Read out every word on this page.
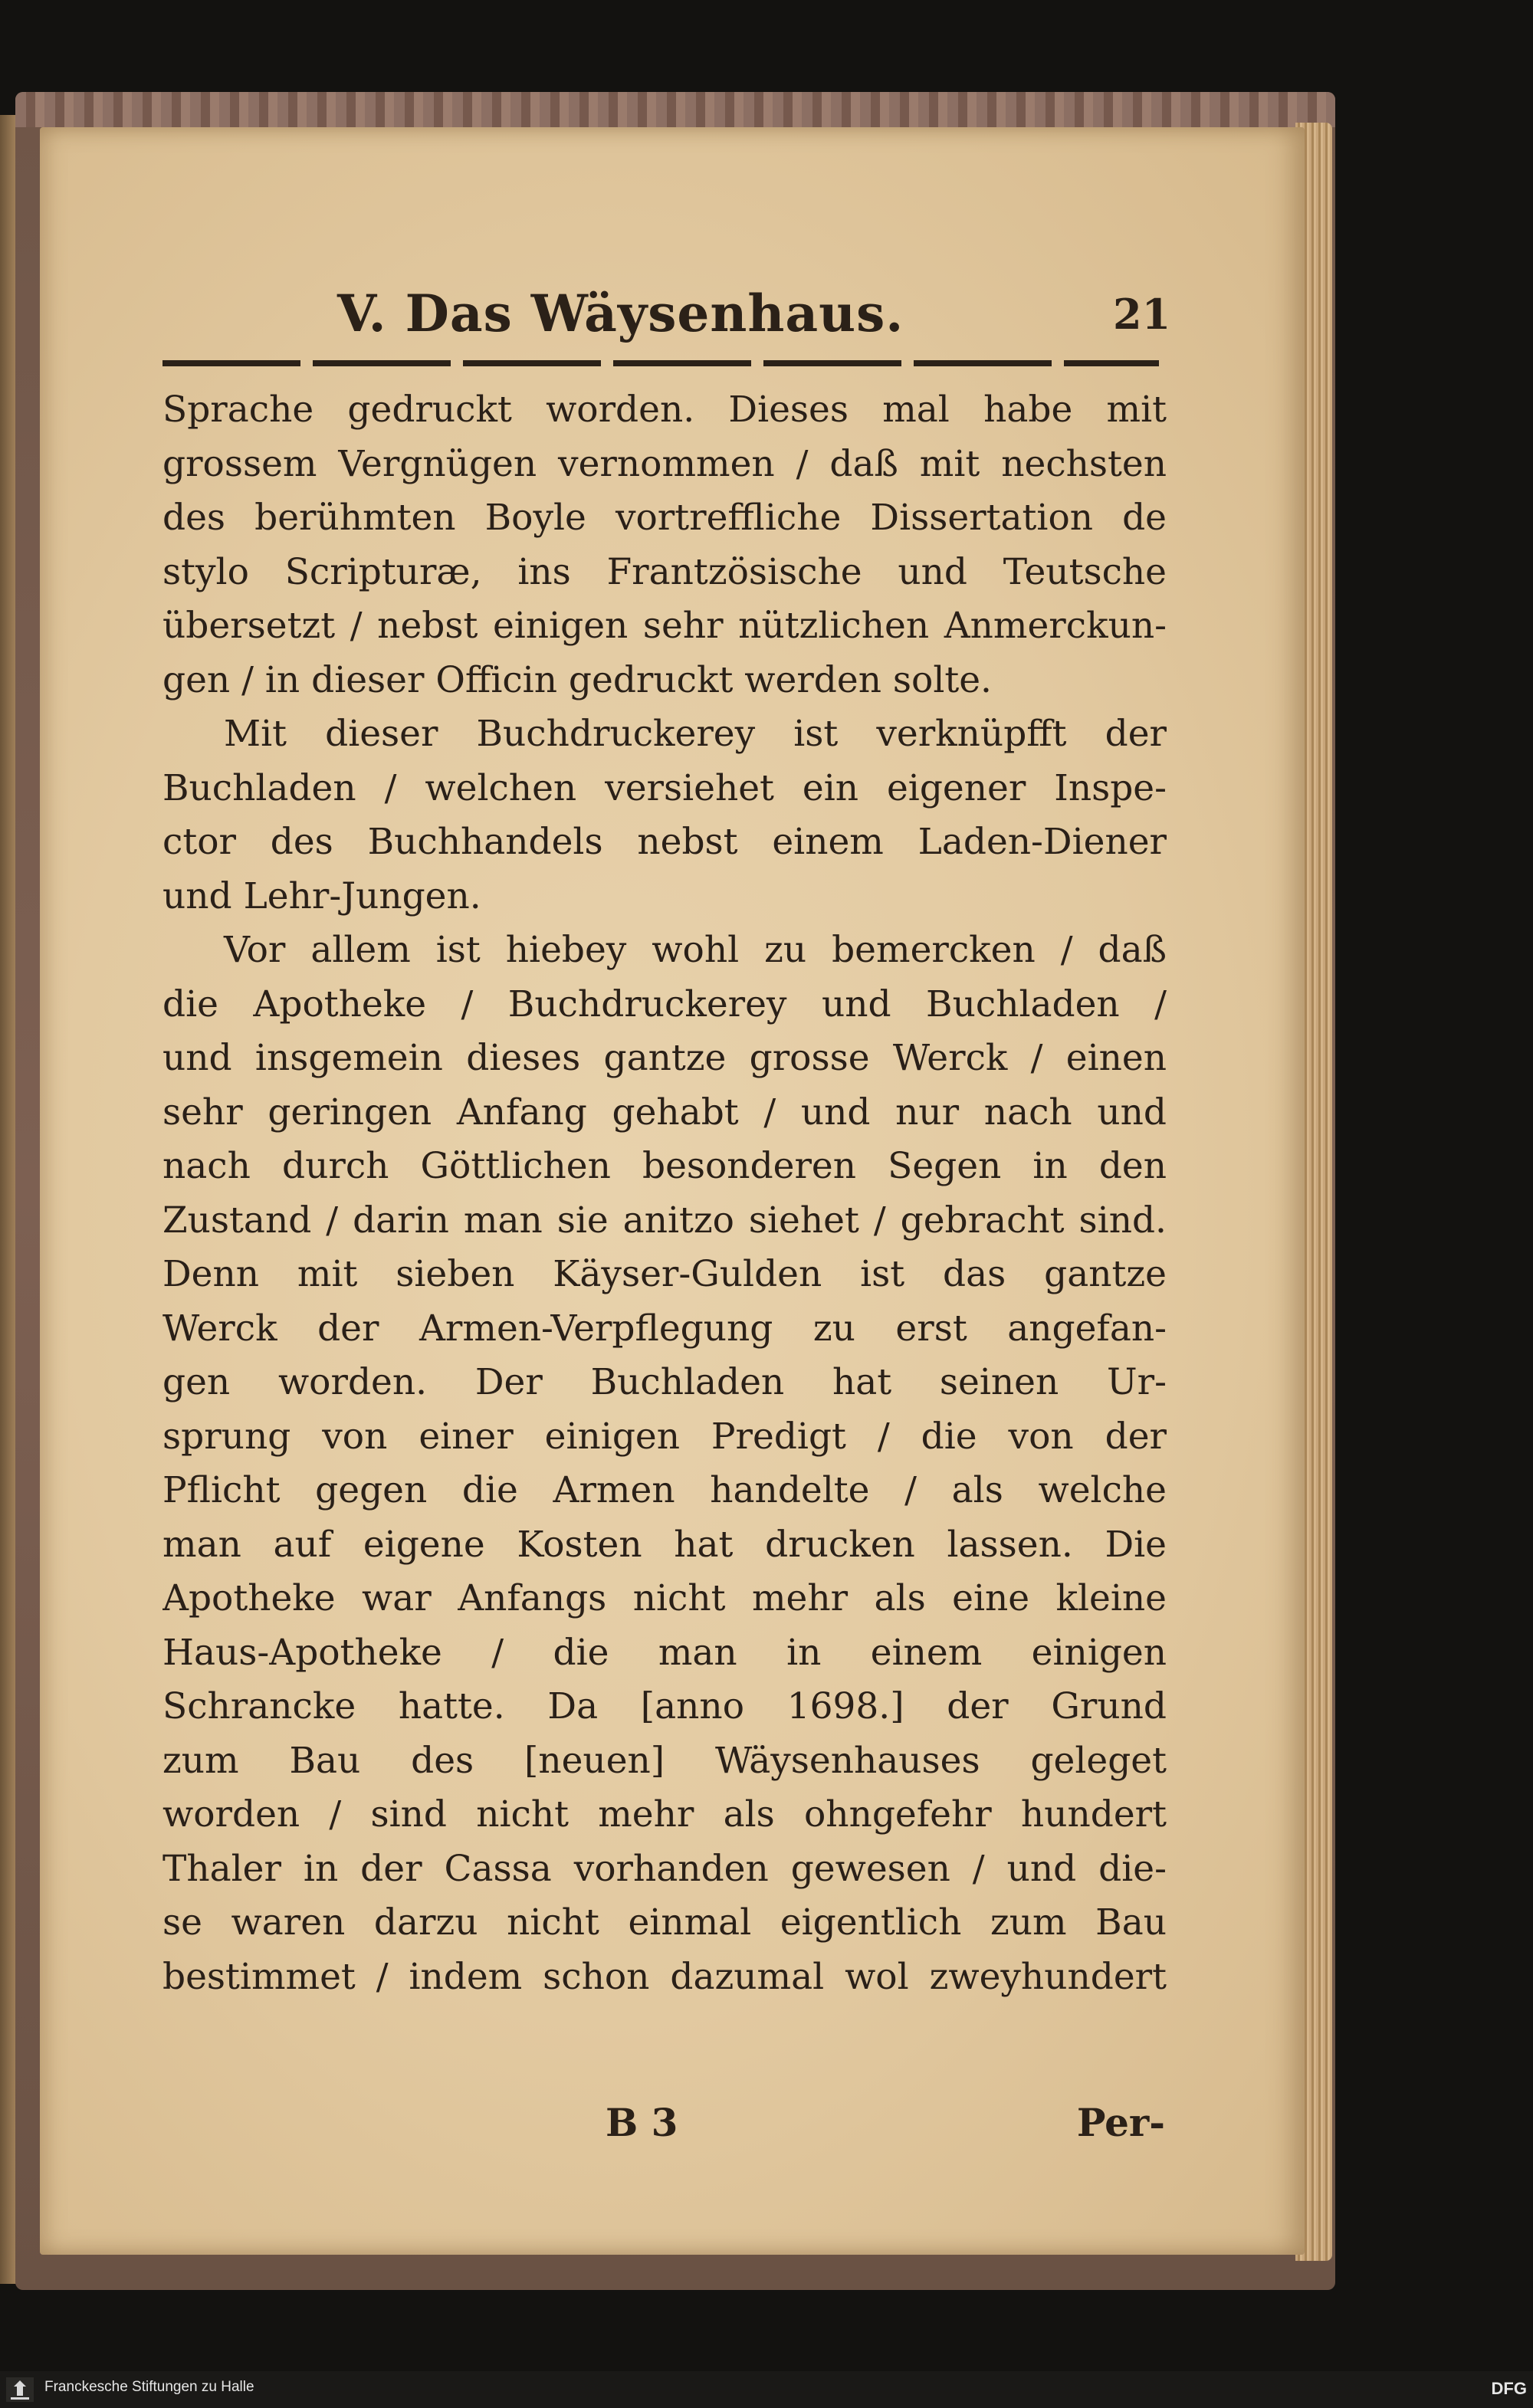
V. Das Wäysenhaus.	21
Sprache gedruckt worden. Dieses mal habe mit
grossem Vergnügen vernommen / daß mit nechsten
des berühmten Boyle vortreffliche Dissertation de
stylo Scripturæ, ins Frantzösische und Teutsche
übersetzt / nebst einigen sehr nützlichen Anmerckun-
gen / in dieser Officin gedruckt werden solte.
Mit dieser Buchdruckerey ist verknüpfft der
Buchladen / welchen versiehet ein eigener Inspe-
ctor des Buchhandels nebst einem Laden-Diener
und Lehr-Jungen.
Vor allem ist hiebey wohl zu bemercken / daß
die Apotheke / Buchdruckerey und Buchladen /
und insgemein dieses gantze grosse Werck / einen
sehr geringen Anfang gehabt / und nur nach und
nach durch Göttlichen besonderen Segen in den
Zustand / darin man sie anitzo siehet / gebracht sind.
Denn mit sieben Käyser-Gulden ist das gantze
Werck der Armen-Verpflegung zu erst angefan-
gen worden. Der Buchladen hat seinen Ur-
sprung von einer einigen Predigt / die von der
Pflicht gegen die Armen handelte / als welche
man auf eigene Kosten hat drucken lassen. Die
Apotheke war Anfangs nicht mehr als eine kleine
Haus-Apotheke / die man in einem einigen
Schrancke hatte. Da [anno 1698.] der Grund
zum Bau des [neuen] Wäysenhauses geleget
worden / sind nicht mehr als ohngefehr hundert
Thaler in der Cassa vorhanden gewesen / und die-
se waren darzu nicht einmal eigentlich zum Bau
bestimmet / indem schon dazumal wol zweyhundert
B 3	Per-
Franckesche Stiftungen zu Halle	DFG
